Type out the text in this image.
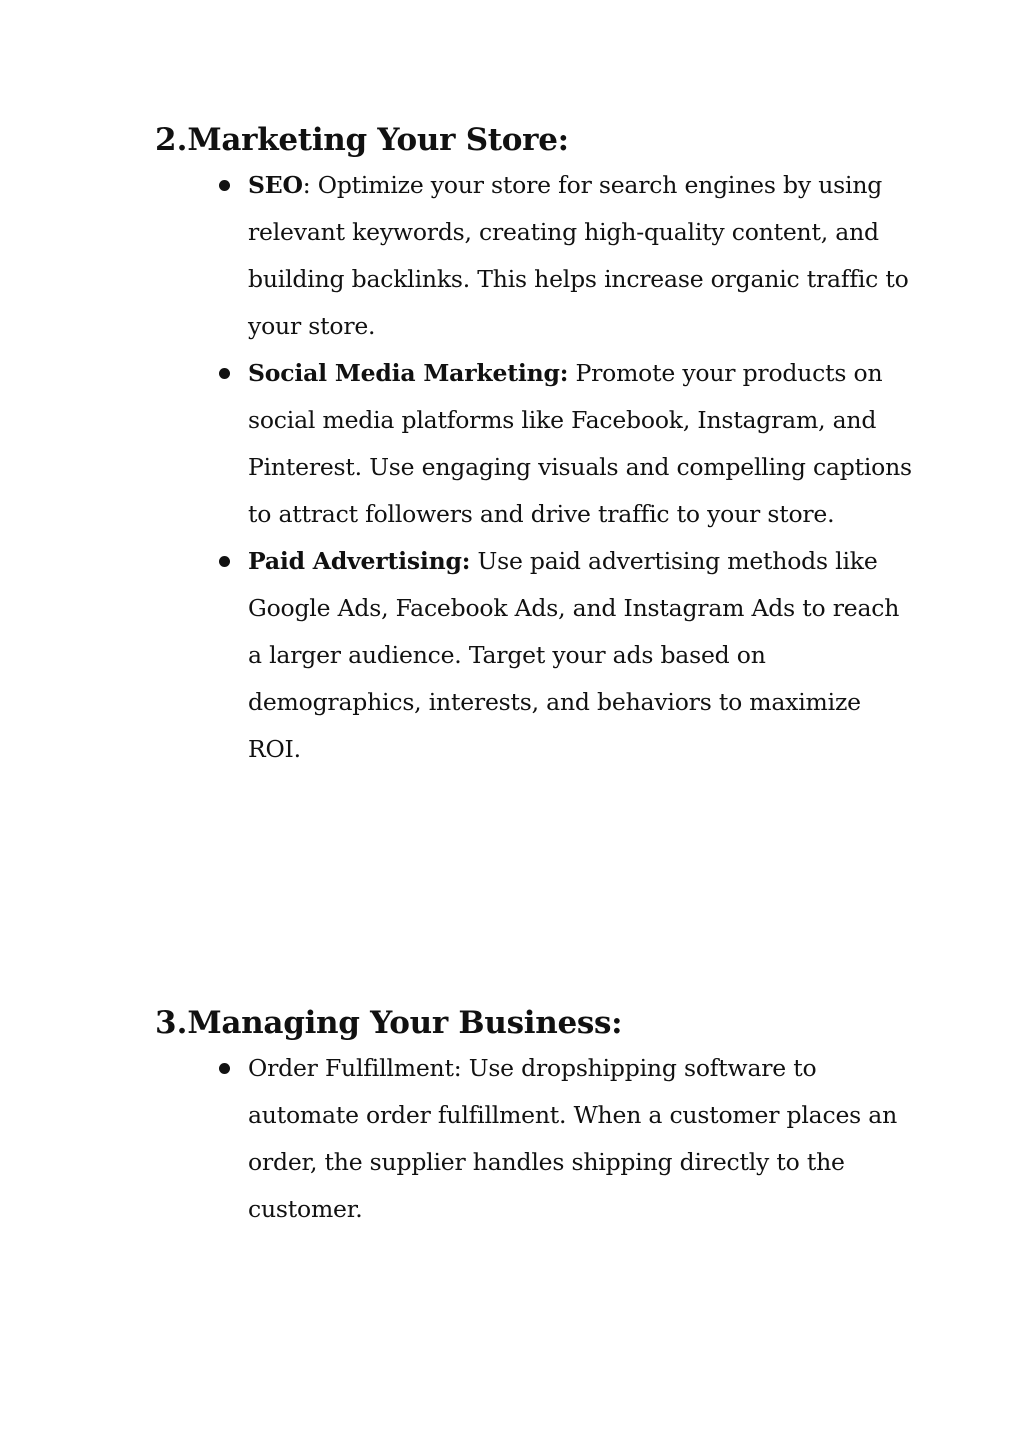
2.Marketing Your Store:
SEO: Optimize your store for search engines by using relevant keywords, creating high-quality content, and building backlinks. This helps increase organic traffic to your store.
Social Media Marketing: Promote your products on social media platforms like Facebook, Instagram, and Pinterest. Use engaging visuals and compelling captions to attract followers and drive traffic to your store.
Paid Advertising: Use paid advertising methods like Google Ads, Facebook Ads, and Instagram Ads to reach a larger audience. Target your ads based on demographics, interests, and behaviors to maximize ROI.
3.Managing Your Business:
Order Fulfillment: Use dropshipping software to automate order fulfillment. When a customer places an order, the supplier handles shipping directly to the customer.
